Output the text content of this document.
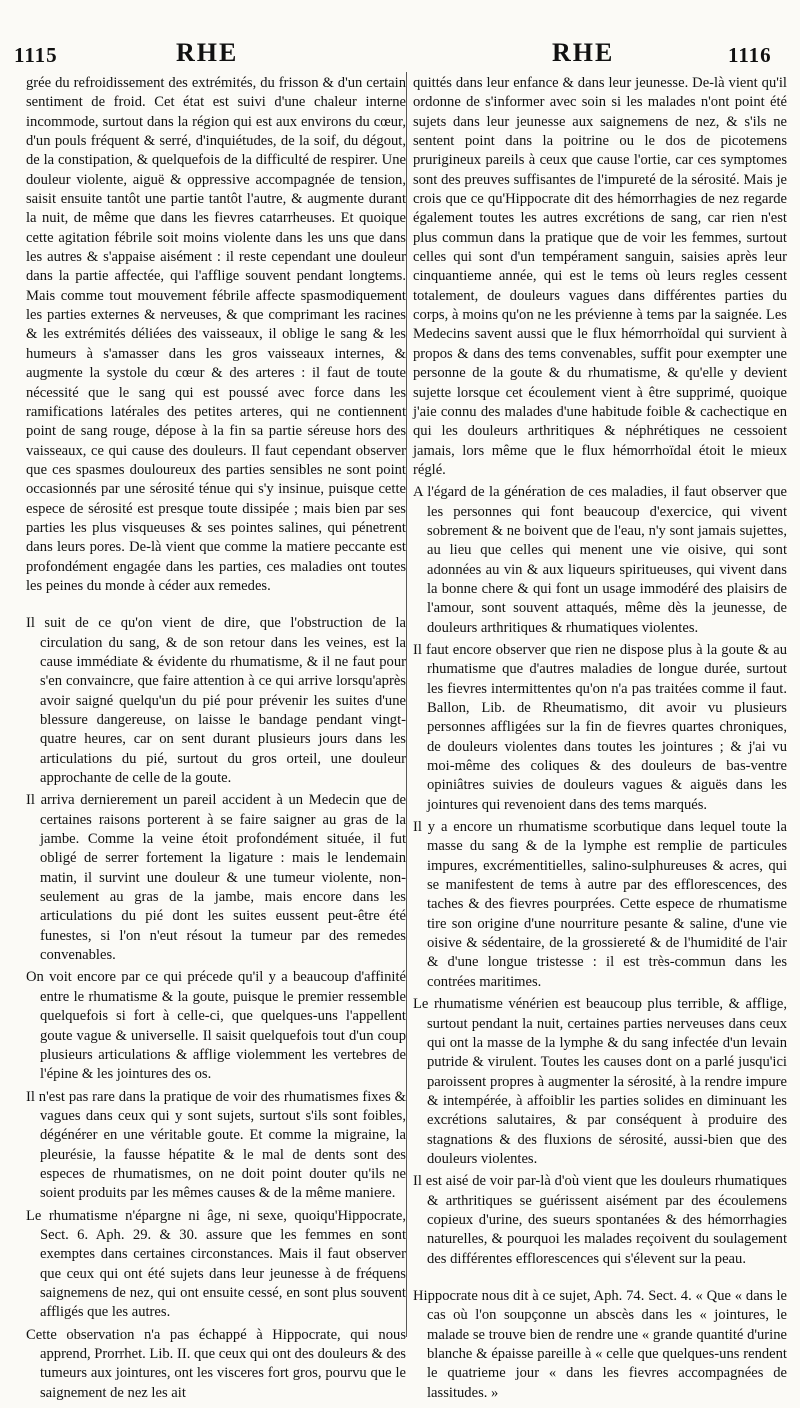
1115	RHE	RHE	1116

grée du refroidissement des extrémités, du frisson & d'un certain sentiment de froid. Cet état est suivi d'une chaleur interne incommode, surtout dans la région qui est aux environs du cœur, d'un pouls fréquent & serré, d'inquiétudes, de la soif, du dégout, de la constipation, & quelquefois de la difficulté de respirer. Une douleur violente, aiguë & oppressive accompagnée de tension, saisit ensuite tantôt une partie tantôt l'autre, & augmente durant la nuit, de même que dans les fievres catarrheuses. Et quoique cette agitation fébrile soit moins violente dans les uns que dans les autres & s'appaise aisément : il reste cependant une douleur dans la partie affectée, qui l'afflige souvent pendant longtems. Mais comme tout mouvement fébrile affecte spasmodiquement les parties externes & nerveuses, & que comprimant les racines & les extrémités déliées des vaisseaux, il oblige le sang & les humeurs à s'amasser dans les gros vaisseaux internes, & augmente la systole du cœur & des arteres : il faut de toute nécessité que le sang qui est poussé avec force dans les ramifications latérales des petites arteres, qui ne contiennent point de sang rouge, dépose à la fin sa partie séreuse hors des vaisseaux, ce qui cause des douleurs. Il faut cependant observer que ces spasmes douloureux des parties sensibles ne sont point occasionnés par une sérosité ténue qui s'y insinue, puisque cette espece de sérosité est presque toute dissipée ; mais bien par ses parties les plus visqueuses & ses pointes salines, qui pénetrent dans leurs pores. De-là vient que comme la matiere peccante est profondément engagée dans les parties, ces maladies ont toutes les peines du monde à céder aux remedes.

Il suit de ce qu'on vient de dire, que l'obstruction de la circulation du sang, & de son retour dans les veines, est la cause immédiate & évidente du rhumatisme, & il ne faut pour s'en convaincre, que faire attention à ce qui arrive lorsqu'après avoir saigné quelqu'un du pié pour prévenir les suites d'une blessure dangereuse, on laisse le bandage pendant vingt-quatre heures, car on sent durant plusieurs jours dans les articulations du pié, surtout du gros orteil, une douleur approchante de celle de la goute.

Il arriva dernierement un pareil accident à un Medecin que de certaines raisons porterent à se faire saigner au gras de la jambe. Comme la veine étoit profondément située, il fut obligé de serrer fortement la ligature : mais le lendemain matin, il survint une douleur & une tumeur violente, non-seulement au gras de la jambe, mais encore dans les articulations du pié dont les suites eussent peut-être été funestes, si l'on n'eut résout la tumeur par des remedes convenables.

On voit encore par ce qui précede qu'il y a beaucoup d'affinité entre le rhumatisme & la goute, puisque le premier ressemble quelquefois si fort à celle-ci, que quelques-uns l'appellent goute vague & universelle. Il saisit quelquefois tout d'un coup plusieurs articulations & afflige violemment les vertebres de l'épine & les jointures des os.

Il n'est pas rare dans la pratique de voir des rhumatismes fixes & vagues dans ceux qui y sont sujets, surtout s'ils sont foibles, dégénérer en une véritable goute. Et comme la migraine, la pleurésie, la fausse hépatite & le mal de dents sont des especes de rhumatismes, on ne doit point douter qu'ils ne soient produits par les mêmes causes & de la même maniere.

Le rhumatisme n'épargne ni âge, ni sexe, quoiqu'Hippocrate, Sect. 6. Aph. 29. & 30. assure que les femmes en sont exemptes dans certaines circonstances. Mais il faut observer que ceux qui ont été sujets dans leur jeunesse à de fréquens saignemens de nez, qui ont ensuite cessé, en sont plus souvent affligés que les autres.

Cette observation n'a pas échappé à Hippocrate, qui nous apprend, Prorrhet. Lib. II. que ceux qui ont des douleurs & des tumeurs aux jointures, ont les visceres fort gros, pourvu que le saignement de nez les ait

quittés dans leur enfance & dans leur jeunesse. De-là vient qu'il ordonne de s'informer avec soin si les malades n'ont point été sujets dans leur jeunesse aux saignemens de nez, & s'ils ne sentent point dans la poitrine ou le dos de picotemens prurigineux pareils à ceux que cause l'ortie, car ces symptomes sont des preuves suffisantes de l'impureté de la sérosité. Mais je crois que ce qu'Hippocrate dit des hémorrhagies de nez regarde également toutes les autres excrétions de sang, car rien n'est plus commun dans la pratique que de voir les femmes, surtout celles qui sont d'un tempérament sanguin, saisies après leur cinquantieme année, qui est le tems où leurs regles cessent totalement, de douleurs vagues dans différentes parties du corps, à moins qu'on ne les prévienne à tems par la saignée. Les Medecins savent aussi que le flux hémorrhoïdal qui survient à propos & dans des tems convenables, suffit pour exempter une personne de la goute & du rhumatisme, & qu'elle y devient sujette lorsque cet écoulement vient à être supprimé, quoique j'aie connu des malades d'une habitude foible & cachectique en qui les douleurs arthritiques & néphrétiques ne cessoient jamais, lors même que le flux hémorrhoïdal étoit le mieux réglé.

A l'égard de la génération de ces maladies, il faut observer que les personnes qui font beaucoup d'exercice, qui vivent sobrement & ne boivent que de l'eau, n'y sont jamais sujettes, au lieu que celles qui menent une vie oisive, qui sont adonnées au vin & aux liqueurs spiritueuses, qui vivent dans la bonne chere & qui font un usage immodéré des plaisirs de l'amour, sont souvent attaqués, même dès la jeunesse, de douleurs arthritiques & rhumatiques violentes.

Il faut encore observer que rien ne dispose plus à la goute & au rhumatisme que d'autres maladies de longue durée, surtout les fievres intermittentes qu'on n'a pas traitées comme il faut. Ballon, Lib. de Rheumatismo, dit avoir vu plusieurs personnes affligées sur la fin de fievres quartes chroniques, de douleurs violentes dans toutes les jointures ; & j'ai vu moi-même des coliques & des douleurs de bas-ventre opiniâtres suivies de douleurs vagues & aiguës dans les jointures qui revenoient dans des tems marqués.

Il y a encore un rhumatisme scorbutique dans lequel toute la masse du sang & de la lymphe est remplie de particules impures, excrémentitielles, salino-sulphureuses & acres, qui se manifestent de tems à autre par des efflorescences, des taches & des fievres pourprées. Cette espece de rhumatisme tire son origine d'une nourriture pesante & saline, d'une vie oisive & sédentaire, de la grossiereté & de l'humidité de l'air & d'une longue tristesse : il est très-commun dans les contrées maritimes.

Le rhumatisme vénérien est beaucoup plus terrible, & afflige, surtout pendant la nuit, certaines parties nerveuses dans ceux qui ont la masse de la lymphe & du sang infectée d'un levain putride & virulent. Toutes les causes dont on a parlé jusqu'ici paroissent propres à augmenter la sérosité, à la rendre impure & intempérée, à affoiblir les parties solides en diminuant les excrétions salutaires, & par conséquent à produire des stagnations & des fluxions de sérosité, aussi-bien que des douleurs violentes.

Il est aisé de voir par-là d'où vient que les douleurs rhumatiques & arthritiques se guérissent aisément par des écoulemens copieux d'urine, des sueurs spontanées & des hémorrhagies naturelles, & pourquoi les malades reçoivent du soulagement des différentes efflorescences qui s'élevent sur la peau.

Hippocrate nous dit à ce sujet, Aph. 74. Sect. 4. « Que « dans le cas où l'on soupçonne un abscès dans les « jointures, le malade se trouve bien de rendre une « grande quantité d'urine blanche & épaisse pareille à « celle que quelques-uns rendent le quatrieme jour « dans les fievres accompagnées de lassitudes. »
